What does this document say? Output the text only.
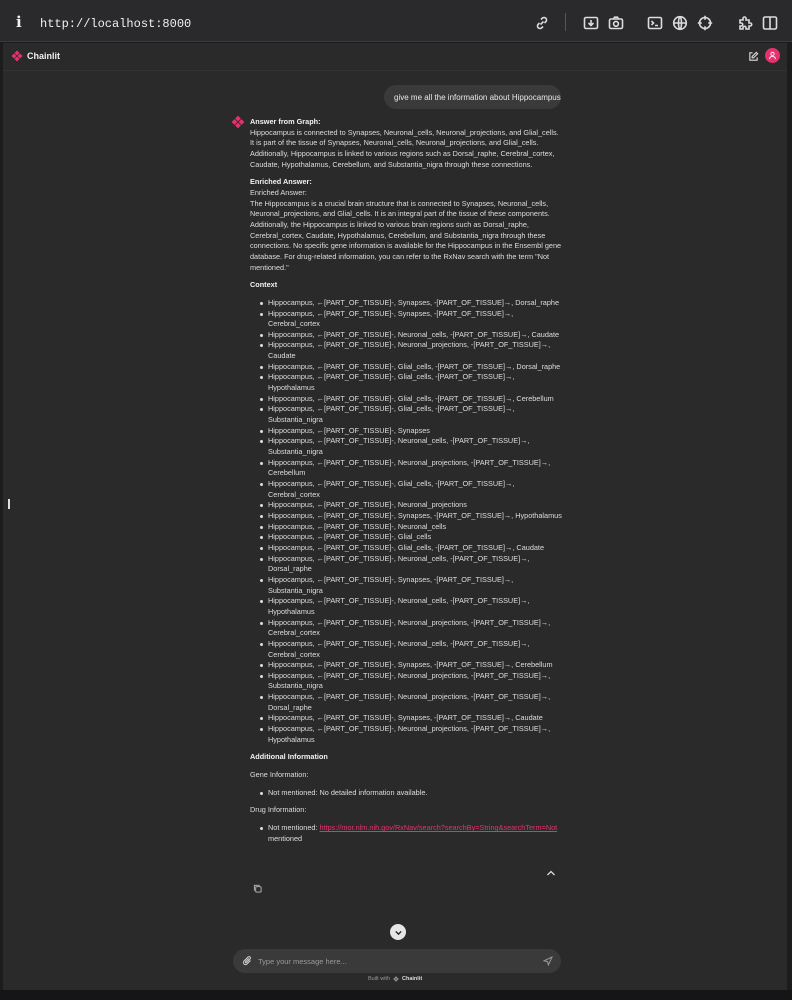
i	http://localhost:8000
Chainlit
give me all the information about Hippocampus

Answer from Graph:

Hippocampus is connected to Synapses, Neuronal_cells, Neuronal_projections, and Glial_cells. It is part of the tissue of Synapses, Neuronal_cells, Neuronal_projections, and Glial_cells. Additionally, Hippocampus is linked to various regions such as Dorsal_raphe, Cerebral_cortex, Caudate, Hypothalamus, Cerebellum, and Substantia_nigra through these connections.

Enriched Answer:

Enriched Answer:

The Hippocampus is a crucial brain structure that is connected to Synapses, Neuronal_cells, Neuronal_projections, and Glial_cells. It is an integral part of the tissue of these components. Additionally, the Hippocampus is linked to various brain regions such as Dorsal_raphe, Cerebral_cortex, Caudate, Hypothalamus, Cerebellum, and Substantia_nigra through these connections. No specific gene information is available for the Hippocampus in the Ensembl gene database. For drug-related information, you can refer to the RxNav search with the term "Not mentioned."

Context

Hippocampus, ←[PART_OF_TISSUE]-, Synapses, -[PART_OF_TISSUE]→, Dorsal_raphe
Hippocampus, ←[PART_OF_TISSUE]-, Synapses, -[PART_OF_TISSUE]→, Cerebral_cortex
Hippocampus, ←[PART_OF_TISSUE]-, Neuronal_cells, -[PART_OF_TISSUE]→, Caudate
Hippocampus, ←[PART_OF_TISSUE]-, Neuronal_projections, -[PART_OF_TISSUE]→, Caudate
Hippocampus, ←[PART_OF_TISSUE]-, Glial_cells, -[PART_OF_TISSUE]→, Dorsal_raphe
Hippocampus, ←[PART_OF_TISSUE]-, Glial_cells, -[PART_OF_TISSUE]→, Hypothalamus
Hippocampus, ←[PART_OF_TISSUE]-, Glial_cells, -[PART_OF_TISSUE]→, Cerebellum
Hippocampus, ←[PART_OF_TISSUE]-, Glial_cells, -[PART_OF_TISSUE]→, Substantia_nigra
Hippocampus, ←[PART_OF_TISSUE]-, Synapses
Hippocampus, ←[PART_OF_TISSUE]-, Neuronal_cells, -[PART_OF_TISSUE]→, Substantia_nigra
Hippocampus, ←[PART_OF_TISSUE]-, Neuronal_projections, -[PART_OF_TISSUE]→, Cerebellum
Hippocampus, ←[PART_OF_TISSUE]-, Glial_cells, -[PART_OF_TISSUE]→, Cerebral_cortex
Hippocampus, ←[PART_OF_TISSUE]-, Neuronal_projections
Hippocampus, ←[PART_OF_TISSUE]-, Synapses, -[PART_OF_TISSUE]→, Hypothalamus
Hippocampus, ←[PART_OF_TISSUE]-, Neuronal_cells
Hippocampus, ←[PART_OF_TISSUE]-, Glial_cells
Hippocampus, ←[PART_OF_TISSUE]-, Glial_cells, -[PART_OF_TISSUE]→, Caudate
Hippocampus, ←[PART_OF_TISSUE]-, Neuronal_cells, -[PART_OF_TISSUE]→, Dorsal_raphe
Hippocampus, ←[PART_OF_TISSUE]-, Synapses, -[PART_OF_TISSUE]→, Substantia_nigra
Hippocampus, ←[PART_OF_TISSUE]-, Neuronal_cells, -[PART_OF_TISSUE]→, Hypothalamus
Hippocampus, ←[PART_OF_TISSUE]-, Neuronal_projections, -[PART_OF_TISSUE]→, Cerebral_cortex
Hippocampus, ←[PART_OF_TISSUE]-, Neuronal_cells, -[PART_OF_TISSUE]→, Cerebral_cortex
Hippocampus, ←[PART_OF_TISSUE]-, Synapses, -[PART_OF_TISSUE]→, Cerebellum
Hippocampus, ←[PART_OF_TISSUE]-, Neuronal_projections, -[PART_OF_TISSUE]→, Substantia_nigra
Hippocampus, ←[PART_OF_TISSUE]-, Neuronal_projections, -[PART_OF_TISSUE]→, Dorsal_raphe
Hippocampus, ←[PART_OF_TISSUE]-, Synapses, -[PART_OF_TISSUE]→, Caudate
Hippocampus, ←[PART_OF_TISSUE]-, Neuronal_projections, -[PART_OF_TISSUE]→, Hypothalamus

Additional Information

Gene Information:

Not mentioned: No detailed information available.

Drug Information:

Not mentioned: https://mor.nlm.nih.gov/RxNav/search?searchBy=String&searchTerm=Not mentioned
Type your message here...
Built with Chainlit
